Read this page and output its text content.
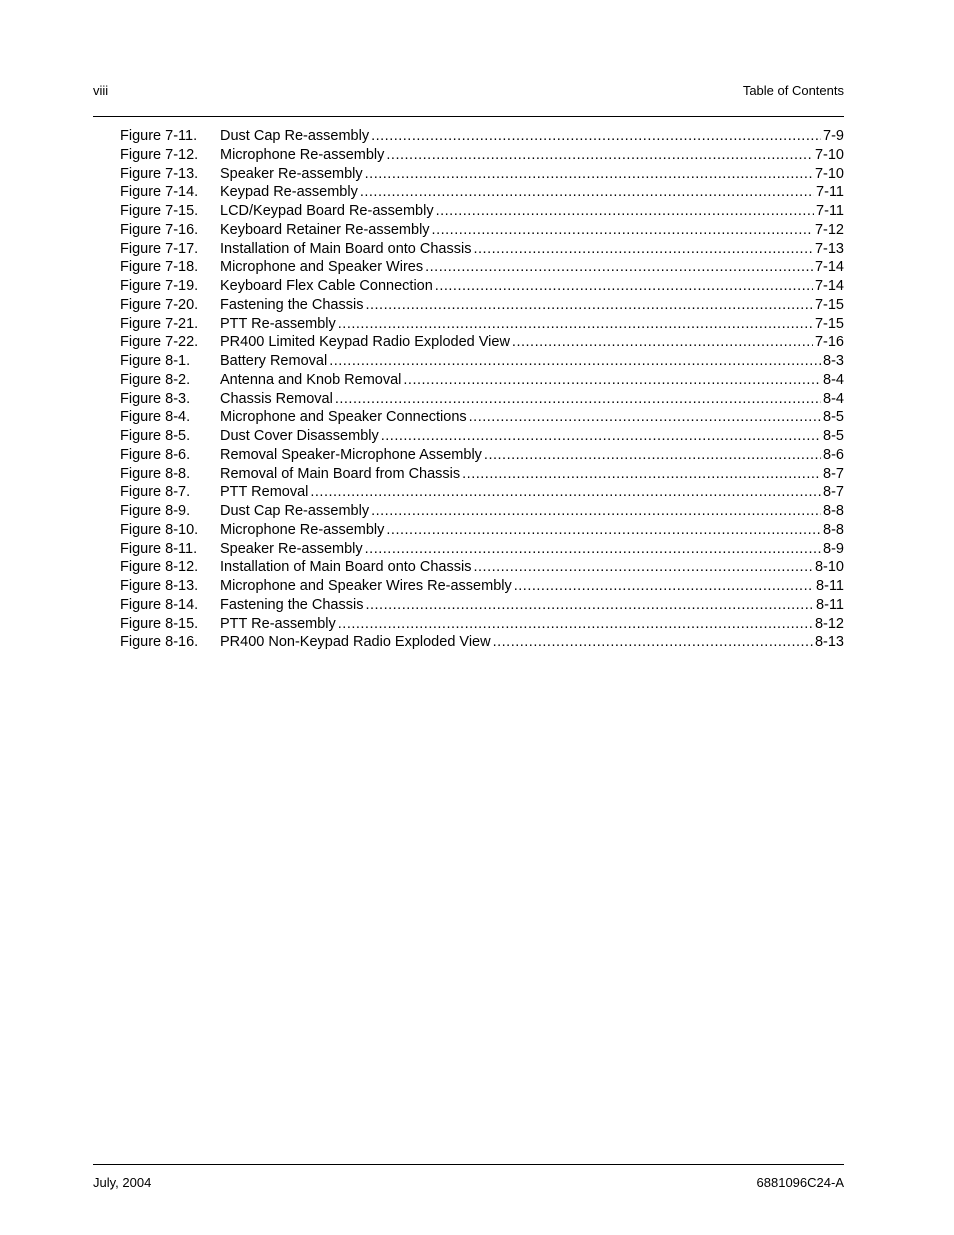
viii	Table of Contents
Figure 7-11.	Dust Cap Re-assembly .....	7-9
Figure 7-12.	Microphone Re-assembly .....	7-10
Figure 7-13.	Speaker Re-assembly .....	7-10
Figure 7-14.	Keypad Re-assembly .....	7-11
Figure 7-15.	LCD/Keypad Board Re-assembly .....	7-11
Figure 7-16.	Keyboard Retainer Re-assembly .....	7-12
Figure 7-17.	Installation of Main Board onto Chassis .....	7-13
Figure 7-18.	Microphone and Speaker Wires .....	7-14
Figure 7-19.	Keyboard Flex Cable Connection .....	7-14
Figure 7-20.	Fastening the Chassis .....	7-15
Figure 7-21.	PTT Re-assembly .....	7-15
Figure 7-22.	PR400 Limited Keypad Radio Exploded View .....	7-16
Figure 8-1.	Battery Removal .....	8-3
Figure 8-2.	Antenna and Knob Removal .....	8-4
Figure 8-3.	Chassis Removal .....	8-4
Figure 8-4.	Microphone and Speaker Connections .....	8-5
Figure 8-5.	Dust Cover Disassembly .....	8-5
Figure 8-6.	Removal Speaker-Microphone Assembly .....	8-6
Figure 8-8.	Removal of Main Board from Chassis .....	8-7
Figure 8-7.	PTT Removal .....	8-7
Figure 8-9.	Dust Cap Re-assembly .....	8-8
Figure 8-10.	Microphone Re-assembly .....	8-8
Figure 8-11.	Speaker Re-assembly .....	8-9
Figure 8-12.	Installation of Main Board onto Chassis .....	8-10
Figure 8-13.	Microphone and Speaker Wires Re-assembly .....	8-11
Figure 8-14.	Fastening the Chassis .....	8-11
Figure 8-15.	PTT Re-assembly .....	8-12
Figure 8-16.	PR400 Non-Keypad Radio Exploded View .....	8-13
July, 2004	6881096C24-A
